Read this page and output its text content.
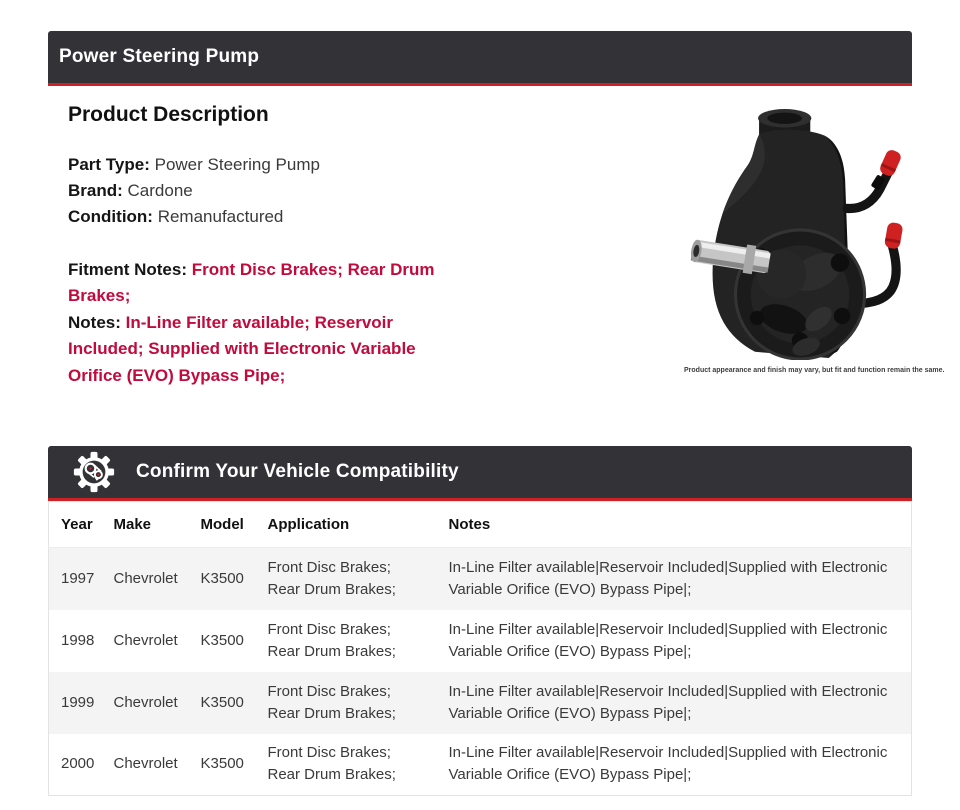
Power Steering Pump
Product Description
Part Type: Power Steering Pump
Brand: Cardone
Condition: Remanufactured
Fitment Notes: Front Disc Brakes; Rear Drum Brakes;
Notes: In-Line Filter available; Reservoir Included; Supplied with Electronic Variable Orifice (EVO) Bypass Pipe;	Product appearance and finish may vary, but fit and function remain the same.
Confirm Your Vehicle Compatibility
Year	Make	Model	Application	Notes
1997	Chevrolet	K3500	Front Disc Brakes; Rear Drum Brakes;	In-Line Filter available|Reservoir Included|Supplied with Electronic Variable Orifice (EVO) Bypass Pipe|;
1998	Chevrolet	K3500	Front Disc Brakes; Rear Drum Brakes;	In-Line Filter available|Reservoir Included|Supplied with Electronic Variable Orifice (EVO) Bypass Pipe|;
1999	Chevrolet	K3500	Front Disc Brakes; Rear Drum Brakes;	In-Line Filter available|Reservoir Included|Supplied with Electronic Variable Orifice (EVO) Bypass Pipe|;
2000	Chevrolet	K3500	Front Disc Brakes; Rear Drum Brakes;	In-Line Filter available|Reservoir Included|Supplied with Electronic Variable Orifice (EVO) Bypass Pipe|;
